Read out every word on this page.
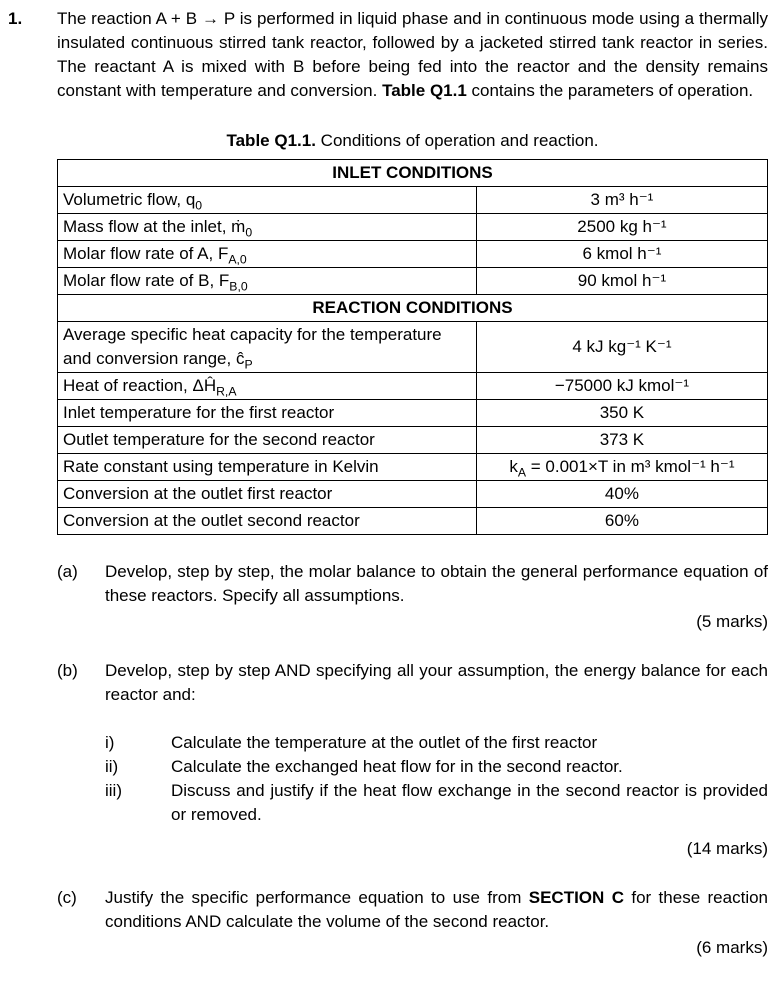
1.	The reaction A + B → P is performed in liquid phase and in continuous mode using a thermally insulated continuous stirred tank reactor, followed by a jacketed stirred tank reactor in series. The reactant A is mixed with B before being fed into the reactor and the density remains constant with temperature and conversion. Table Q1.1 contains the parameters of operation.

Table Q1.1. Conditions of operation and reaction.

INLET CONDITIONS	
Volumetric flow, $q_0$	3 m³ h⁻¹
Mass flow at the inlet, ṁ$_0$	2500 kg h⁻¹
Molar flow rate of A, $F_{A,0}$	6 kmol h⁻¹
Molar flow rate of B, $F_{B,0}$	90 kmol h⁻¹
REACTION CONDITIONS	
Average specific heat capacity for the temperature and conversion range, $ĉ_P$	4 kJ kg⁻¹ K⁻¹
Heat of reaction, $\Delta Ĥ_{R,A}$	−75000 kJ kmol⁻¹
Inlet temperature for the first reactor	350 K
Outlet temperature for the second reactor	373 K
Rate constant using temperature in Kelvin	$k_A = 0.001\times T$ in m³ kmol⁻¹ h⁻¹
Conversion at the outlet first reactor	40%
Conversion at the outlet second reactor	60%
(a)	Develop, step by step, the molar balance to obtain the general performance equation of these reactors. Specify all assumptions.
(5 marks)
(b)	Develop, step by step AND specifying all your assumption, the energy balance for each reactor and:
i)	Calculate the temperature at the outlet of the first reactor
ii)	Calculate the exchanged heat flow for in the second reactor.
iii)	Discuss and justify if the heat flow exchange in the second reactor is provided or removed.
(14 marks)
(c)	Justify the specific performance equation to use from SECTION C for these reaction conditions AND calculate the volume of the second reactor.
(6 marks)
